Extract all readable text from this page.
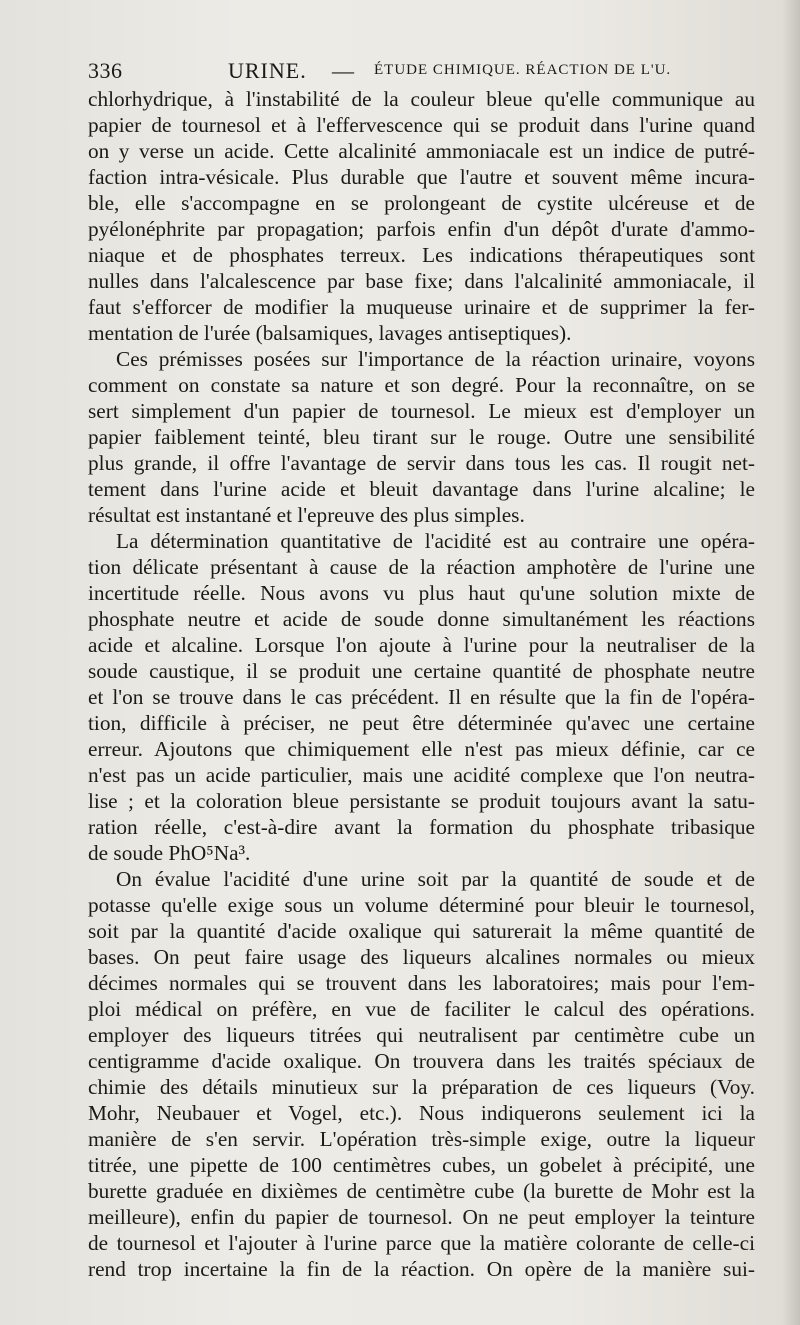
336	URINE. — ÉTUDE CHIMIQUE. RÉACTION DE L'U.
chlorhydrique, à l'instabilité de la couleur bleue qu'elle communique au
papier de tournesol et à l'effervescence qui se produit dans l'urine quand
on y verse un acide. Cette alcalinité ammoniacale est un indice de putré-
faction intra-vésicale. Plus durable que l'autre et souvent même incura-
ble, elle s'accompagne en se prolongeant de cystite ulcéreuse et de
pyélonéphrite par propagation; parfois enfin d'un dépôt d'urate d'ammo-
niaque et de phosphates terreux. Les indications thérapeutiques sont
nulles dans l'alcalescence par base fixe; dans l'alcalinité ammoniacale, il
faut s'efforcer de modifier la muqueuse urinaire et de supprimer la fer-
mentation de l'urée (balsamiques, lavages antiseptiques).
Ces prémisses posées sur l'importance de la réaction urinaire, voyons
comment on constate sa nature et son degré. Pour la reconnaître, on se
sert simplement d'un papier de tournesol. Le mieux est d'employer un
papier faiblement teinté, bleu tirant sur le rouge. Outre une sensibilité
plus grande, il offre l'avantage de servir dans tous les cas. Il rougit net-
tement dans l'urine acide et bleuit davantage dans l'urine alcaline; le
résultat est instantané et l'epreuve des plus simples.
La détermination quantitative de l'acidité est au contraire une opéra-
tion délicate présentant à cause de la réaction amphotère de l'urine une
incertitude réelle. Nous avons vu plus haut qu'une solution mixte de
phosphate neutre et acide de soude donne simultanément les réactions
acide et alcaline. Lorsque l'on ajoute à l'urine pour la neutraliser de la
soude caustique, il se produit une certaine quantité de phosphate neutre
et l'on se trouve dans le cas précédent. Il en résulte que la fin de l'opéra-
tion, difficile à préciser, ne peut être déterminée qu'avec une certaine
erreur. Ajoutons que chimiquement elle n'est pas mieux définie, car ce
n'est pas un acide particulier, mais une acidité complexe que l'on neutra-
lise ; et la coloration bleue persistante se produit toujours avant la satu-
ration réelle, c'est-à-dire avant la formation du phosphate tribasique
de soude PhO⁵Na³.
On évalue l'acidité d'une urine soit par la quantité de soude et de
potasse qu'elle exige sous un volume déterminé pour bleuir le tournesol,
soit par la quantité d'acide oxalique qui saturerait la même quantité de
bases. On peut faire usage des liqueurs alcalines normales ou mieux
décimes normales qui se trouvent dans les laboratoires; mais pour l'em-
ploi médical on préfère, en vue de faciliter le calcul des opérations.
employer des liqueurs titrées qui neutralisent par centimètre cube un
centigramme d'acide oxalique. On trouvera dans les traités spéciaux de
chimie des détails minutieux sur la préparation de ces liqueurs (Voy.
Mohr, Neubauer et Vogel, etc.). Nous indiquerons seulement ici la
manière de s'en servir. L'opération très-simple exige, outre la liqueur
titrée, une pipette de 100 centimètres cubes, un gobelet à précipité, une
burette graduée en dixièmes de centimètre cube (la burette de Mohr est la
meilleure), enfin du papier de tournesol. On ne peut employer la teinture
de tournesol et l'ajouter à l'urine parce que la matière colorante de celle-ci
rend trop incertaine la fin de la réaction. On opère de la manière sui-
